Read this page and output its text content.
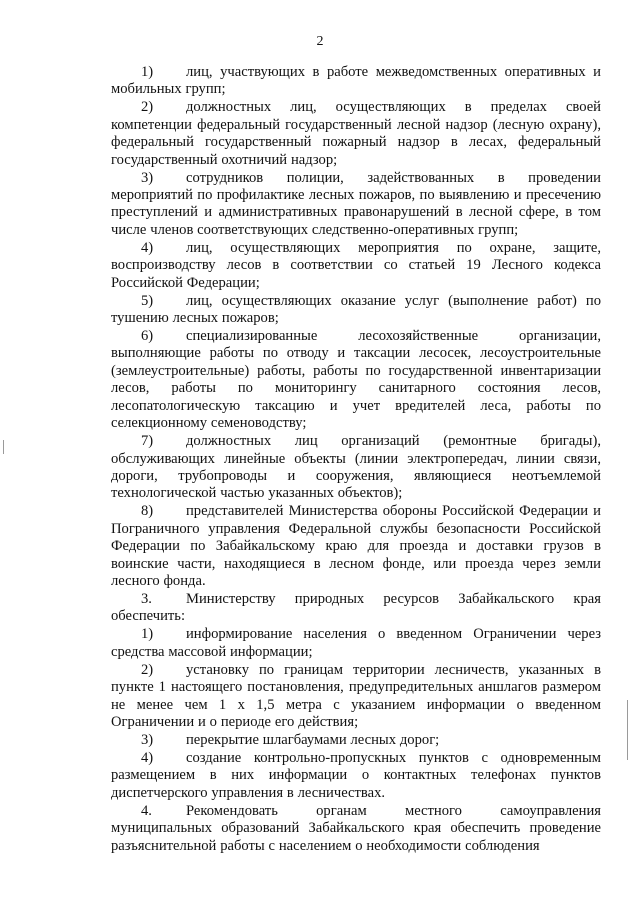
2

1) лиц, участвующих в работе межведомственных оперативных и мобильных групп;

2) должностных лиц, осуществляющих в пределах своей компетенции федеральный государственный лесной надзор (лесную охрану), федеральный государственный пожарный надзор в лесах, федеральный государственный охотничий надзор;

3) сотрудников полиции, задействованных в проведении мероприятий по профилактике лесных пожаров, по выявлению и пресечению преступлений и административных правонарушений в лесной сфере, в том числе членов соответствующих следственно-оперативных групп;

4) лиц, осуществляющих мероприятия по охране, защите, воспроизводству лесов в соответствии со статьей 19 Лесного кодекса Российской Федерации;

5) лиц, осуществляющих оказание услуг (выполнение работ) по тушению лесных пожаров;

6) специализированные лесохозяйственные организации, выполняющие работы по отводу и таксации лесосек, лесоустроительные (землеустроительные) работы, работы по государственной инвентаризации лесов, работы по мониторингу санитарного состояния лесов, лесопатологическую таксацию и учет вредителей леса, работы по селекционному семеноводству;

7) должностных лиц организаций (ремонтные бригады), обслуживающих линейные объекты (линии электропередач, линии связи, дороги, трубопроводы и сооружения, являющиеся неотъемлемой технологической частью указанных объектов);

8) представителей Министерства обороны Российской Федерации и Пограничного управления Федеральной службы безопасности Российской Федерации по Забайкальскому краю для проезда и доставки грузов в воинские части, находящиеся в лесном фонде, или проезда через земли лесного фонда.

3. Министерству природных ресурсов Забайкальского края обеспечить:

1) информирование населения о введенном Ограничении через средства массовой информации;

2) установку по границам территории лесничеств, указанных в пункте 1 настоящего постановления, предупредительных аншлагов размером не менее чем 1 х 1,5 метра с указанием информации о введенном Ограничении и о периоде его действия;

3) перекрытие шлагбаумами лесных дорог;

4) создание контрольно-пропускных пунктов с одновременным размещением в них информации о контактных телефонах пунктов диспетчерского управления в лесничествах.

4. Рекомендовать органам местного самоуправления муниципальных образований Забайкальского края обеспечить проведение разъяснительной работы с населением о необходимости соблюдения
